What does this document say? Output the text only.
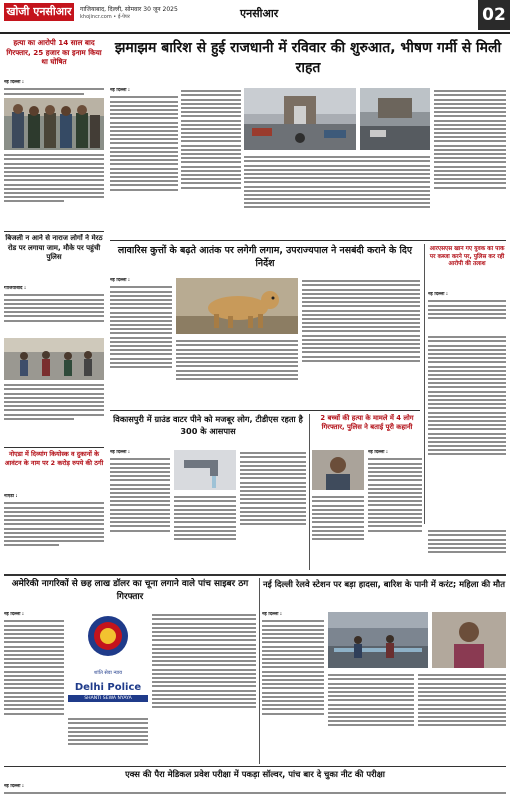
खोजी एनसीआर	गाजियाबाद, दिल्ली, सोमवार 30 जून 2025
khojincr.com • ई-पेपर	एनसीआर	02
हत्या का आरोपी 14 साल बाद गिरफ्तार, 25 हजार का इनाम किया था घोषित
नई दिल्ली :
झमाझम बारिश से हुई राजधानी में रविवार की शुरुआत, भीषण गर्मी से मिली राहत
नई दिल्ली :
बिजली न आने से नाराज लोगों ने मेरठ रोड पर लगाया जाम, मौके पर पहुंची पुलिस
गाजियाबाद :
नोएडा में दिव्यांग कियोस्क व दुकानों के आवंटन के नाम पर 2 करोड़ रुपये की ठगी
नोएडा :
लावारिस कुत्तों के बढ़ते आतंक पर लगेगी लगाम, उपराज्यपाल ने नसबंदी कराने के दिए निर्देश
नई दिल्ली :
आरएसएस खाने गए युवक को पार्क पर कब्जा करने पर, पुलिस कर रही आरोपी की तलाश
नई दिल्ली :
विकासपुरी में ग्राउंड वाटर पीने को मजबूर लोग, टीडीएस रहता है 300 के आसपास
नई दिल्ली :
2 बच्चों की हत्या के मामले में 4 लोग गिरफ्तार, पुलिस ने बताई पूरी कहानी
नई दिल्ली :
अमेरिकी नागरिकों से छह लाख डॉलर का चूना लगाने वाले पांच साइबर ठग गिरफ्तार
नई दिल्ली :
शांति सेवा न्याय
Delhi Police
SHANTI SEWA NYAYA
नई दिल्ली रेलवे स्टेशन पर बड़ा हादसा, बारिश के पानी में करंट; महिला की मौत
नई दिल्ली :
एक्स की पैरा मेडिकल प्रवेश परीक्षा में पकड़ा सॉल्वर, पांच बार दे चुका नीट की परीक्षा
नई दिल्ली :
